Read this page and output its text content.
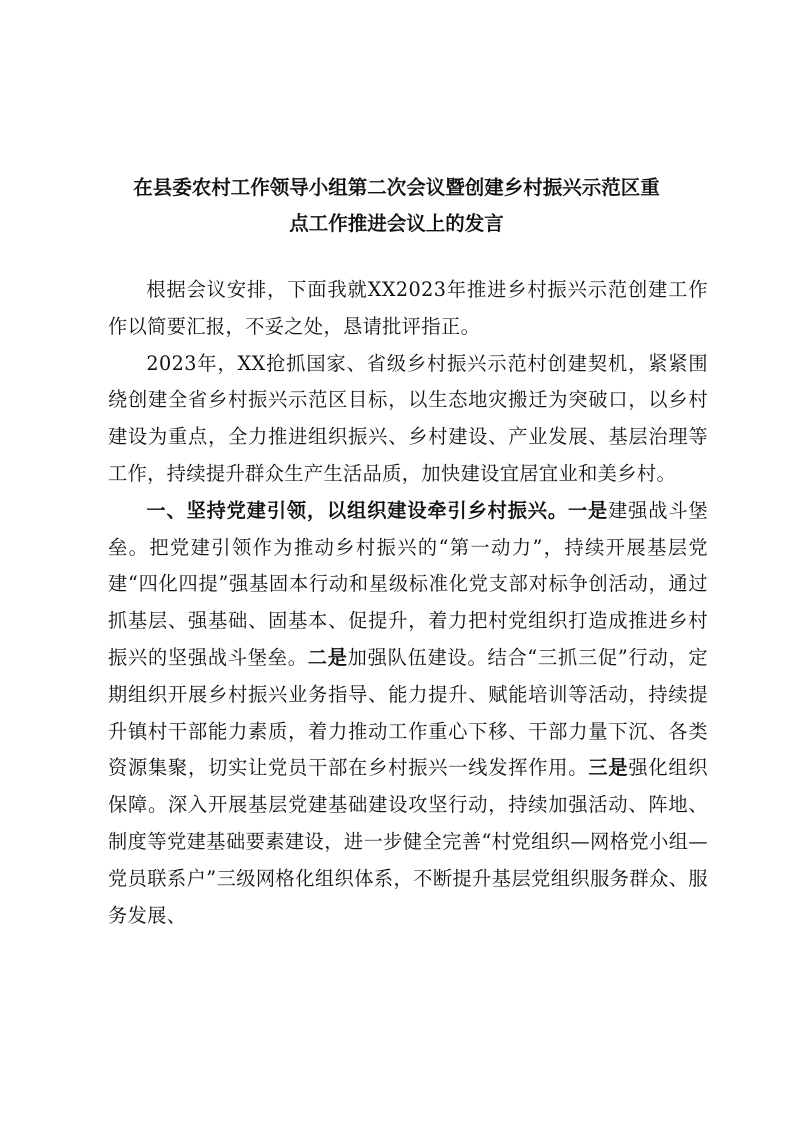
在县委农村工作领导小组第二次会议暨创建乡村振兴示范区重
点工作推进会议上的发言

根据会议安排，下面我就XX2023年推进乡村振兴示范创建工作作以简要汇报，不妥之处，恳请批评指正。

2023年，XX抢抓国家、省级乡村振兴示范村创建契机，紧紧围绕创建全省乡村振兴示范区目标，以生态地灾搬迁为突破口，以乡村建设为重点，全力推进组织振兴、乡村建设、产业发展、基层治理等工作，持续提升群众生产生活品质，加快建设宜居宜业和美乡村。

一、坚持党建引领，以组织建设牵引乡村振兴。一是建强战斗堡垒。把党建引领作为推动乡村振兴的“第一动力”，持续开展基层党建“四化四提”强基固本行动和星级标准化党支部对标争创活动，通过抓基层、强基础、固基本、促提升，着力把村党组织打造成推进乡村振兴的坚强战斗堡垒。二是加强队伍建设。结合“三抓三促”行动，定期组织开展乡村振兴业务指导、能力提升、赋能培训等活动，持续提升镇村干部能力素质，着力推动工作重心下移、干部力量下沉、各类资源集聚，切实让党员干部在乡村振兴一线发挥作用。三是强化组织保障。深入开展基层党建基础建设攻坚行动，持续加强活动、阵地、制度等党建基础要素建设，进一步健全完善“村党组织—网格党小组—党员联系户”三级网格化组织体系，不断提升基层党组织服务群众、服务发展、
